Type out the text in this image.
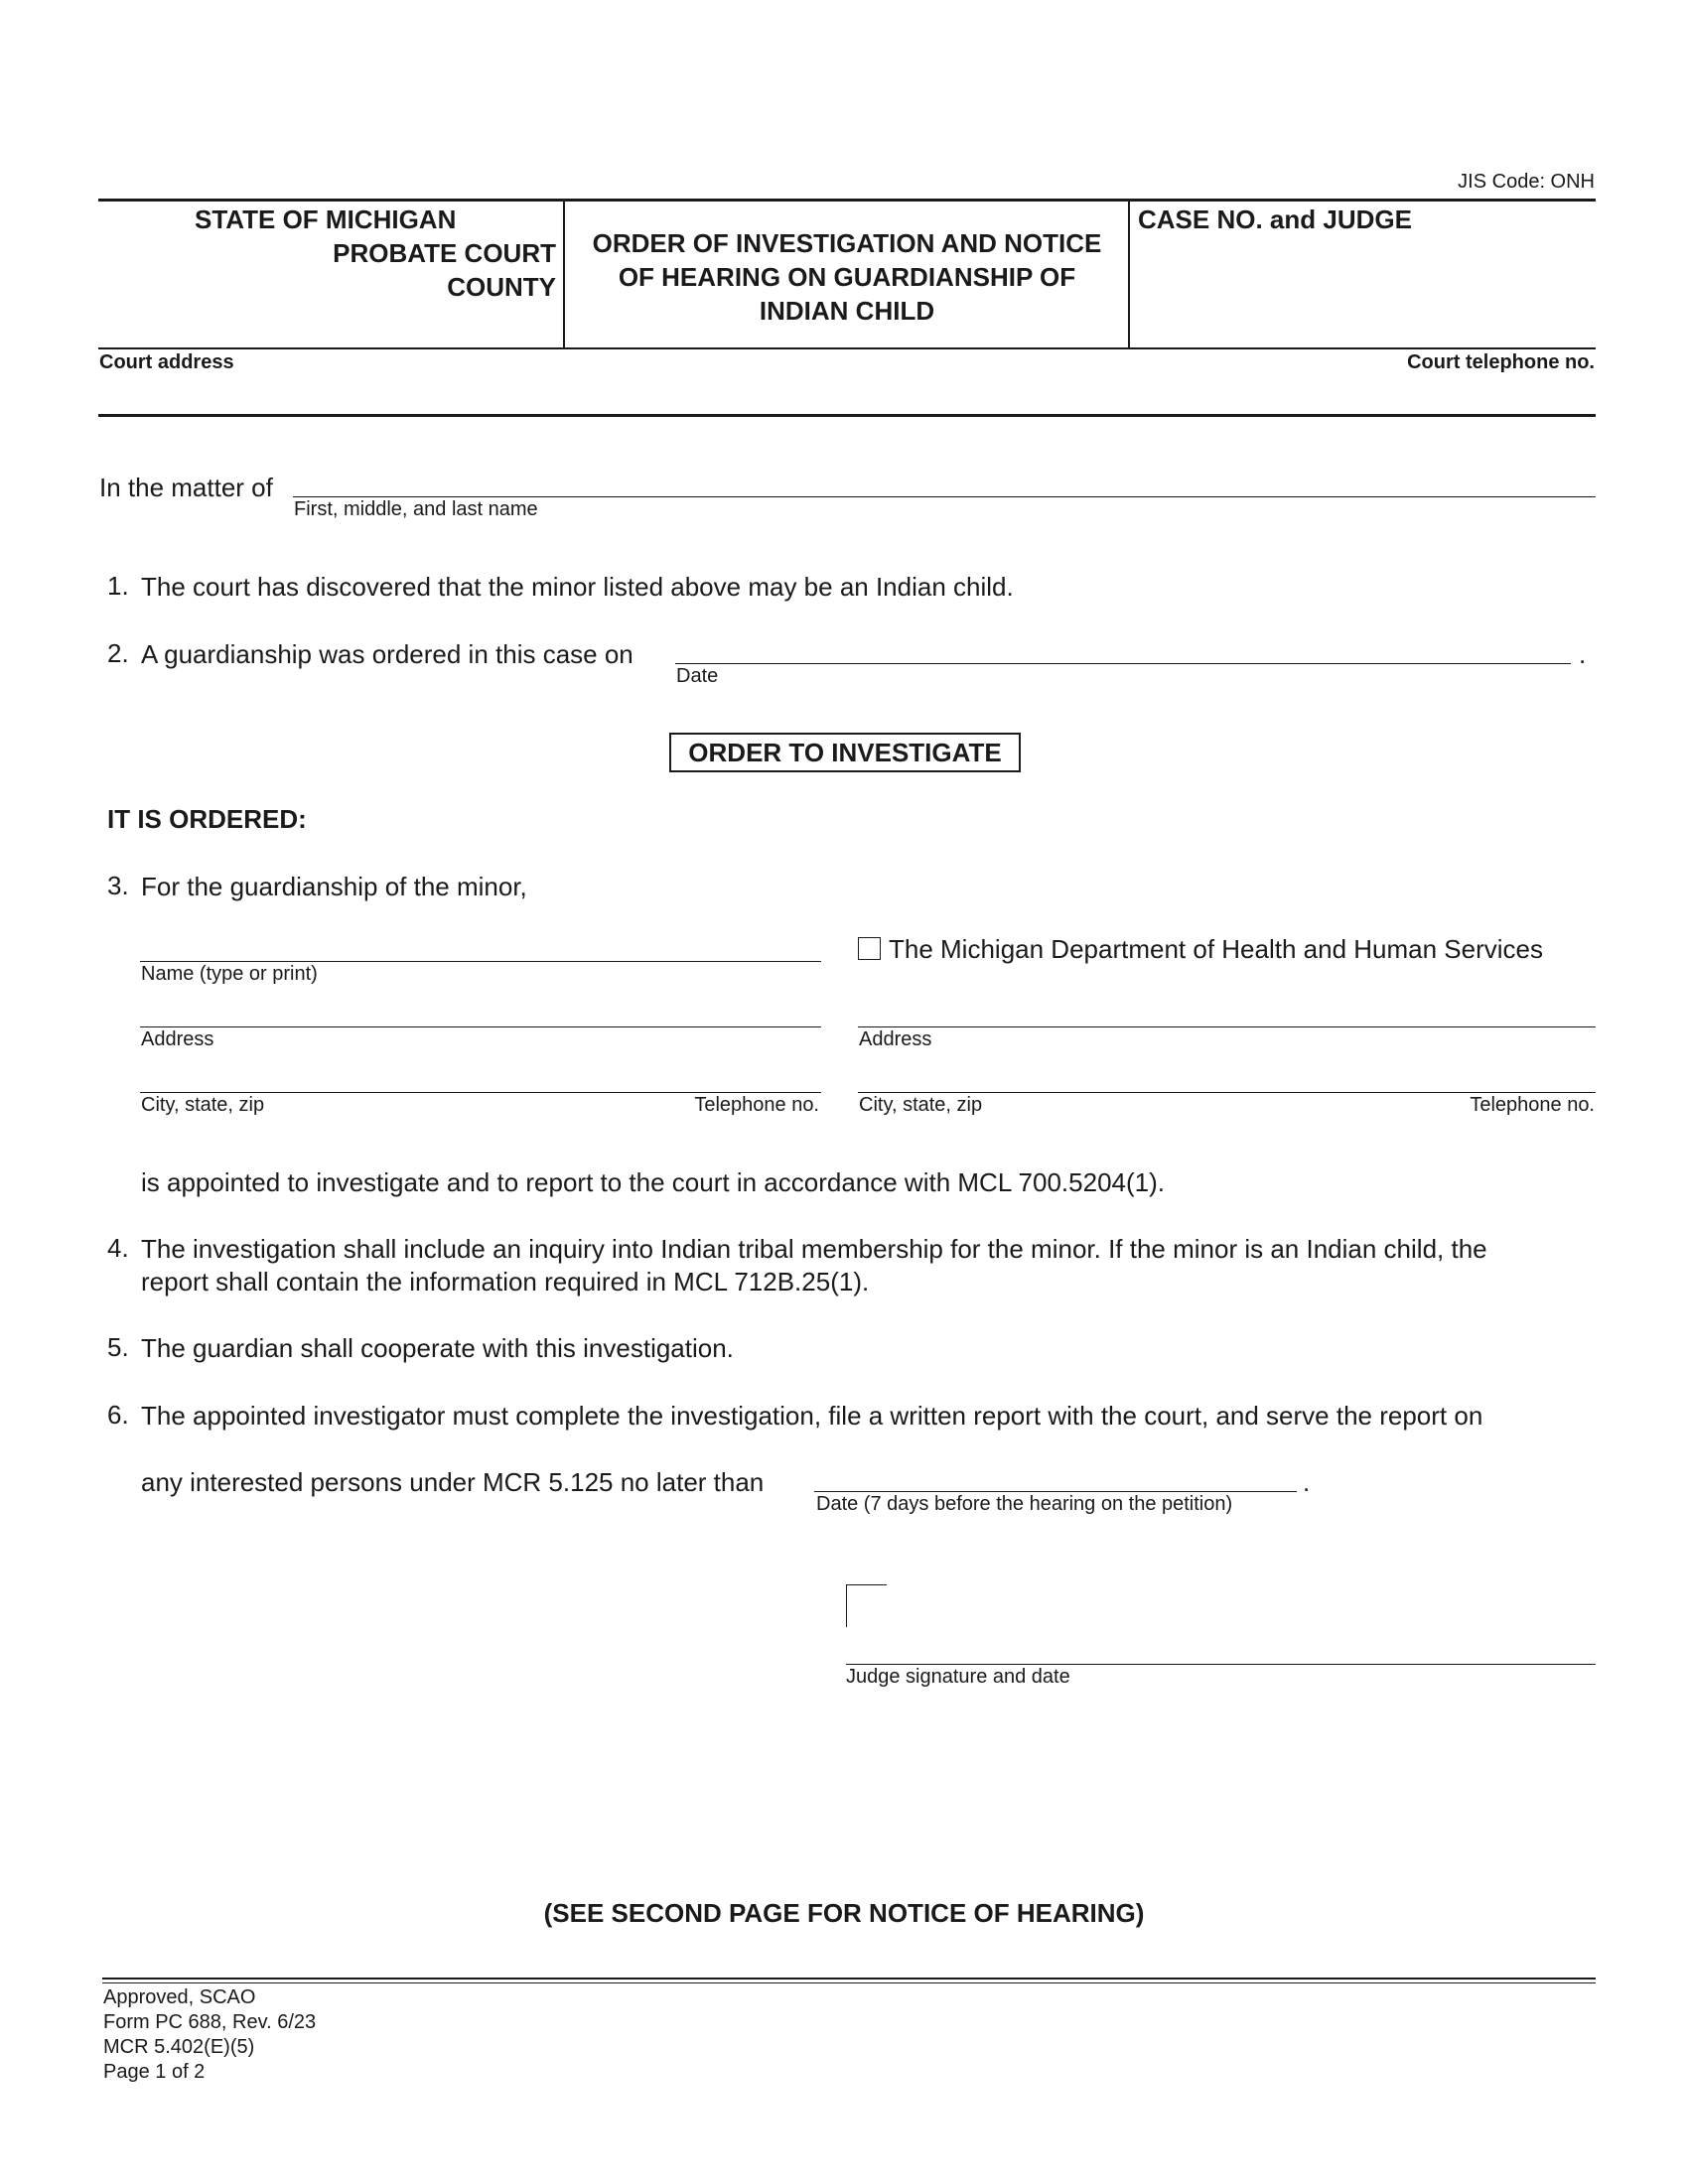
JIS Code: ONH
STATE OF MICHIGAN
PROBATE COURT
COUNTY
ORDER OF INVESTIGATION AND NOTICE
OF HEARING ON GUARDIANSHIP OF
INDIAN CHILD
CASE NO. and JUDGE
Court address	Court telephone no.
In the matter of
First, middle, and last name
1. The court has discovered that the minor listed above may be an Indian child.
2. A guardianship was ordered in this case on	.
Date
ORDER TO INVESTIGATE
IT IS ORDERED:
3. For the guardianship of the minor,
Name (type or print)
Address
City, state, zip	Telephone no.
The Michigan Department of Health and Human Services
Address
City, state, zip	Telephone no.
is appointed to investigate and to report to the court in accordance with MCL 700.5204(1).
4. The investigation shall include an inquiry into Indian tribal membership for the minor. If the minor is an Indian child, the
report shall contain the information required in MCL 712B.25(1).
5. The guardian shall cooperate with this investigation.
6. The appointed investigator must complete the investigation, file a written report with the court, and serve the report on
any interested persons under MCR 5.125 no later than	.
Date (7 days before the hearing on the petition)
Judge signature and date
(SEE SECOND PAGE FOR NOTICE OF HEARING)
Approved, SCAO
Form PC 688, Rev. 6/23
MCR 5.402(E)(5)
Page 1 of 2
